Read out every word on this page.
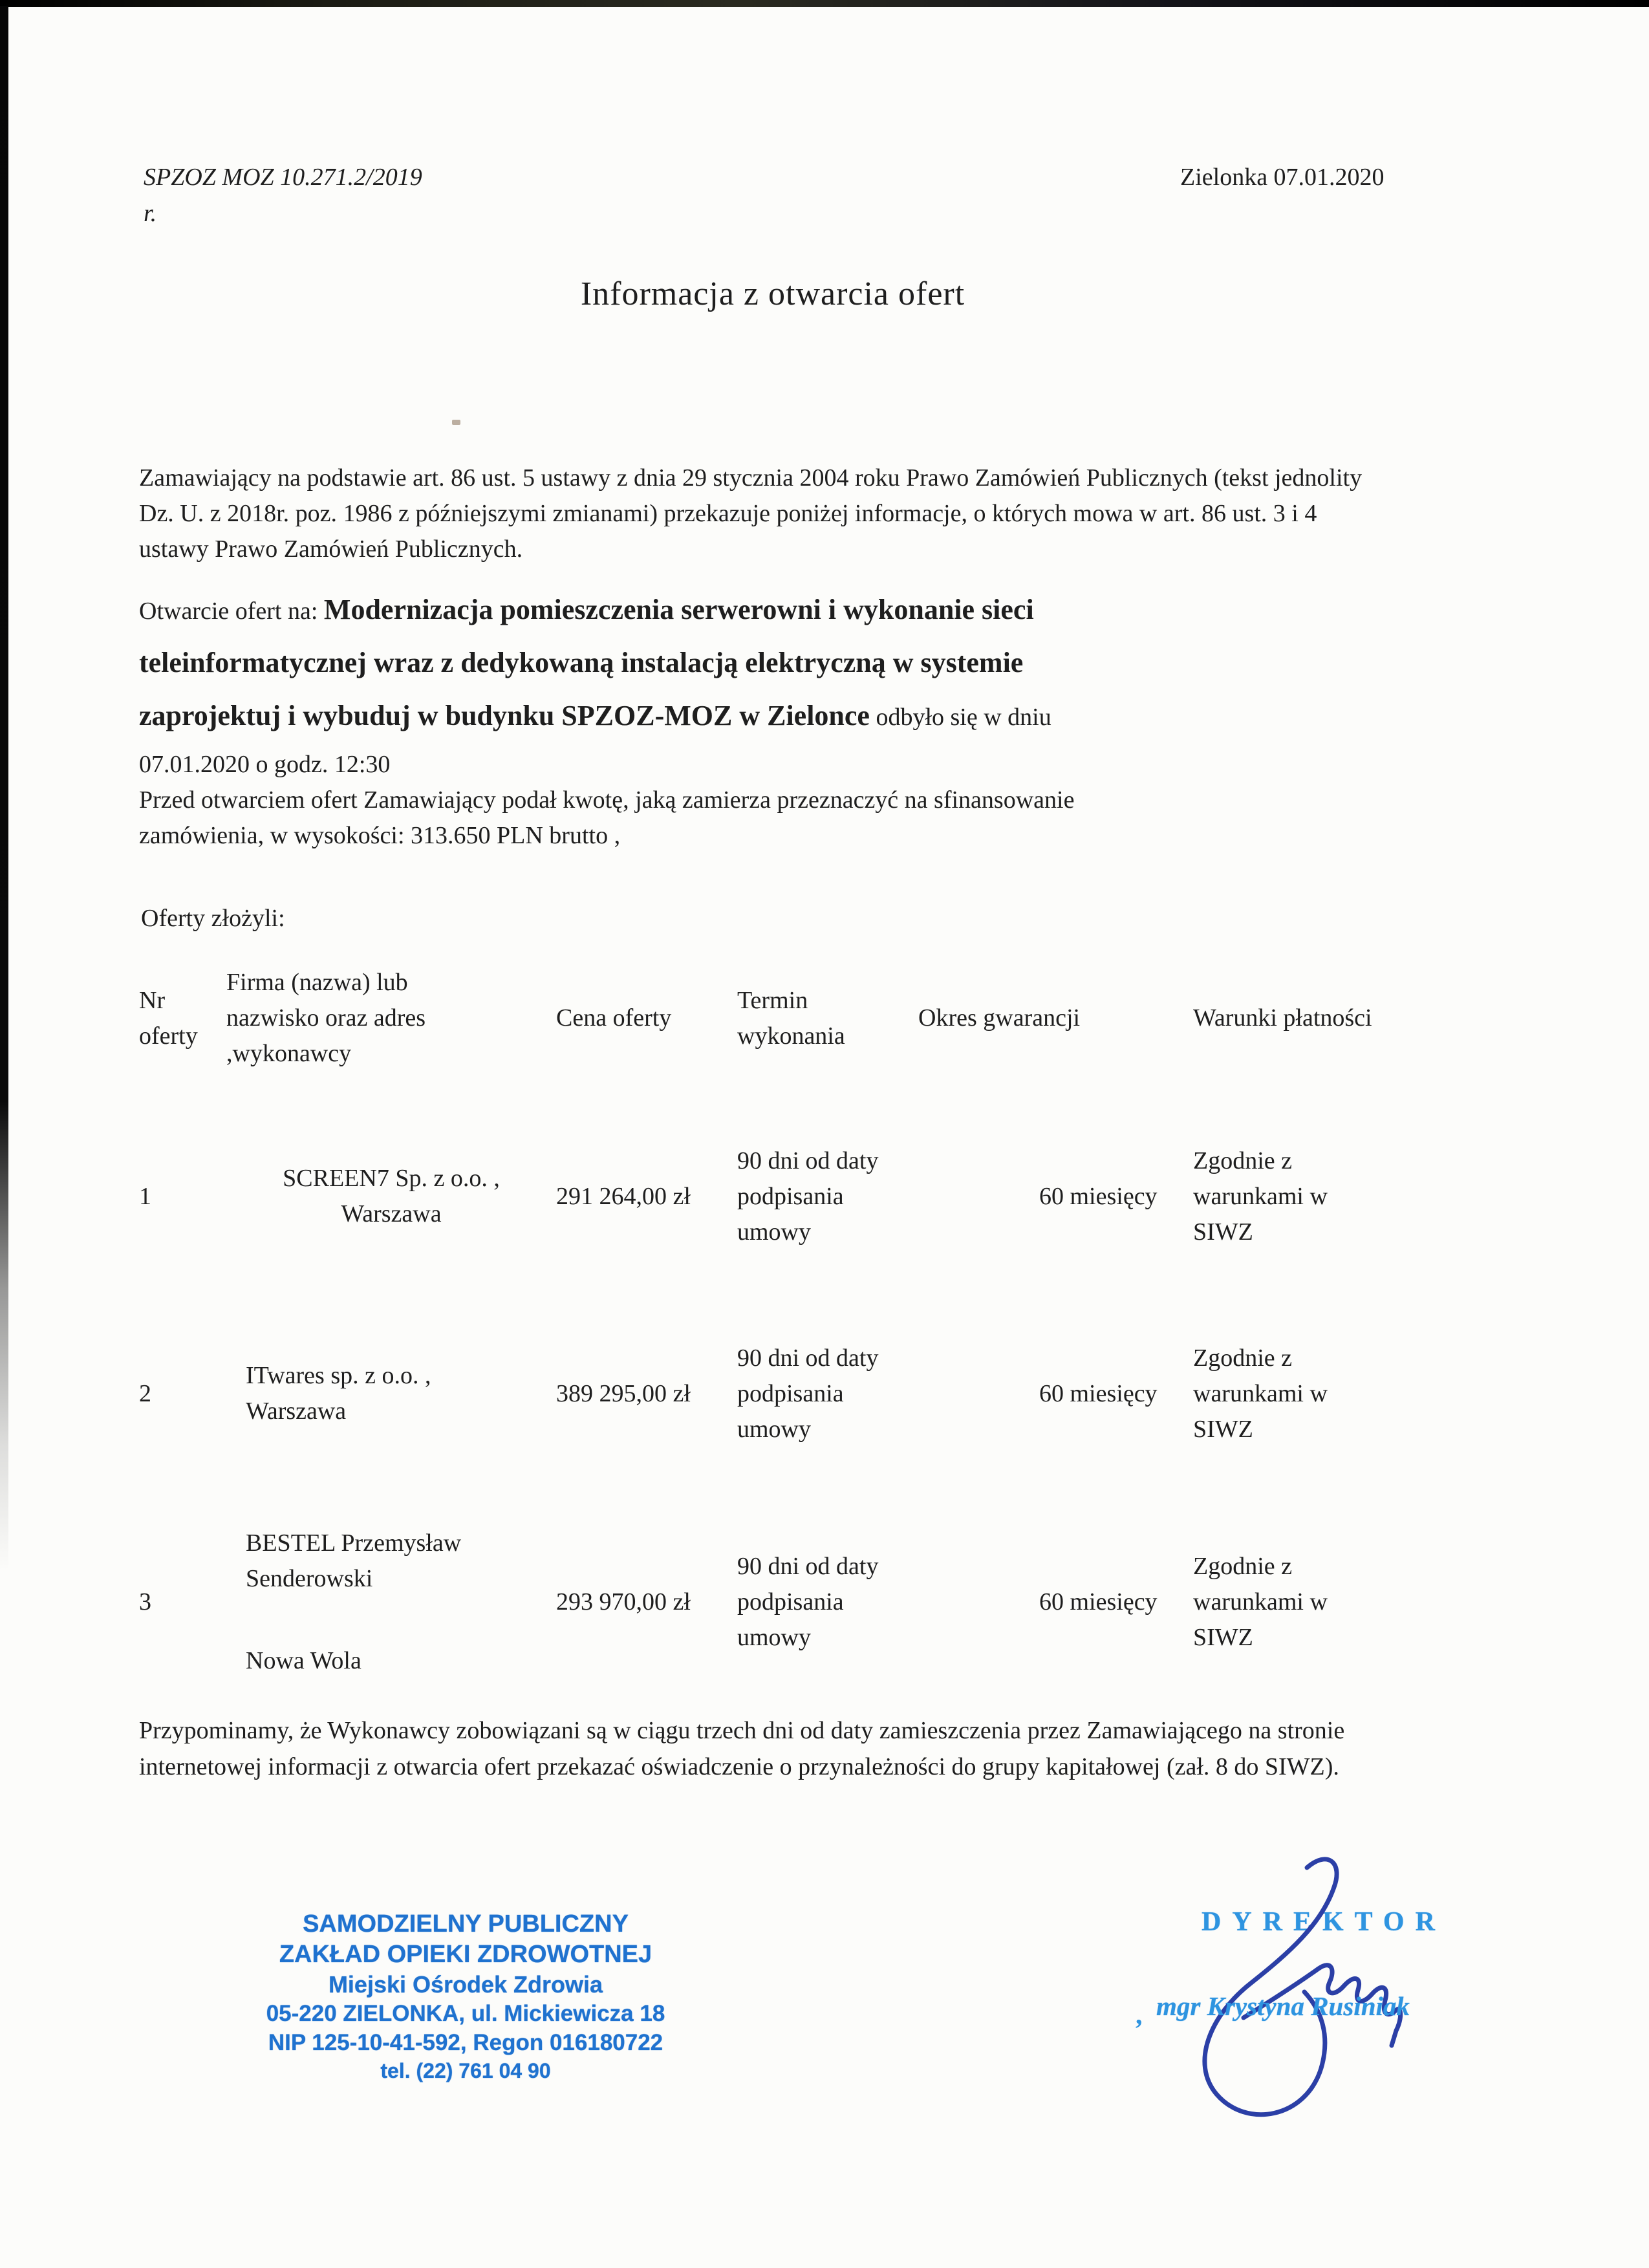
SPZOZ MOZ 10.271.2/2019
r.
Zielonka 07.01.2020
Informacja z otwarcia ofert
Zamawiający na podstawie art. 86 ust. 5 ustawy z dnia 29 stycznia 2004 roku Prawo Zamówień Publicznych (tekst jednolity Dz. U. z 2018r. poz. 1986 z późniejszymi zmianami) przekazuje poniżej informacje, o których mowa w art. 86 ust. 3 i 4 ustawy Prawo Zamówień Publicznych.
Otwarcie ofert na: Modernizacja pomieszczenia serwerowni i wykonanie sieci
teleinformatycznej wraz z dedykowaną instalacją elektryczną w systemie
zaprojektuj i wybuduj w budynku SPZOZ-MOZ w Zielonce odbyło się w dniu
07.01.2020 o godz. 12:30
Przed otwarciem ofert Zamawiający podał kwotę, jaką zamierza przeznaczyć na sfinansowanie
zamówienia, w wysokości: 313.650 PLN brutto ,
Oferty złożyli:
Nr oferty
Firma (nazwa) lub nazwisko oraz adres ,wykonawcy
Cena oferty
Termin wykonania
Okres gwarancji	Warunki płatności
1
SCREEN7 Sp. z o.o. ,
Warszawa
291 264,00 zł
90 dni od daty podpisania umowy
60 miesięcy
Zgodnie z warunkami w SIWZ
2
ITwares sp. z o.o. ,
Warszawa
389 295,00 zł
90 dni od daty podpisania umowy
60 miesięcy
Zgodnie z warunkami w SIWZ
3
BESTEL Przemysław Senderowski
Nowa Wola
293 970,00 zł
90 dni od daty podpisania umowy
60 miesięcy
Zgodnie z warunkami w SIWZ
Przypominamy, że Wykonawcy zobowiązani są w ciągu trzech dni od daty zamieszczenia przez Zamawiającego na stronie internetowej informacji z otwarcia ofert przekazać oświadczenie o przynależności do grupy kapitałowej (zał. 8 do SIWZ).
SAMODZIELNY PUBLICZNY
ZAKŁAD OPIEKI ZDROWOTNEJ
Miejski Ośrodek Zdrowia
05-220 ZIELONKA, ul. Mickiewicza 18
NIP 125-10-41-592, Regon 016180722
tel. (22) 761 04 90
DYREKTOR
, mgr Krystyna Rusiniak
